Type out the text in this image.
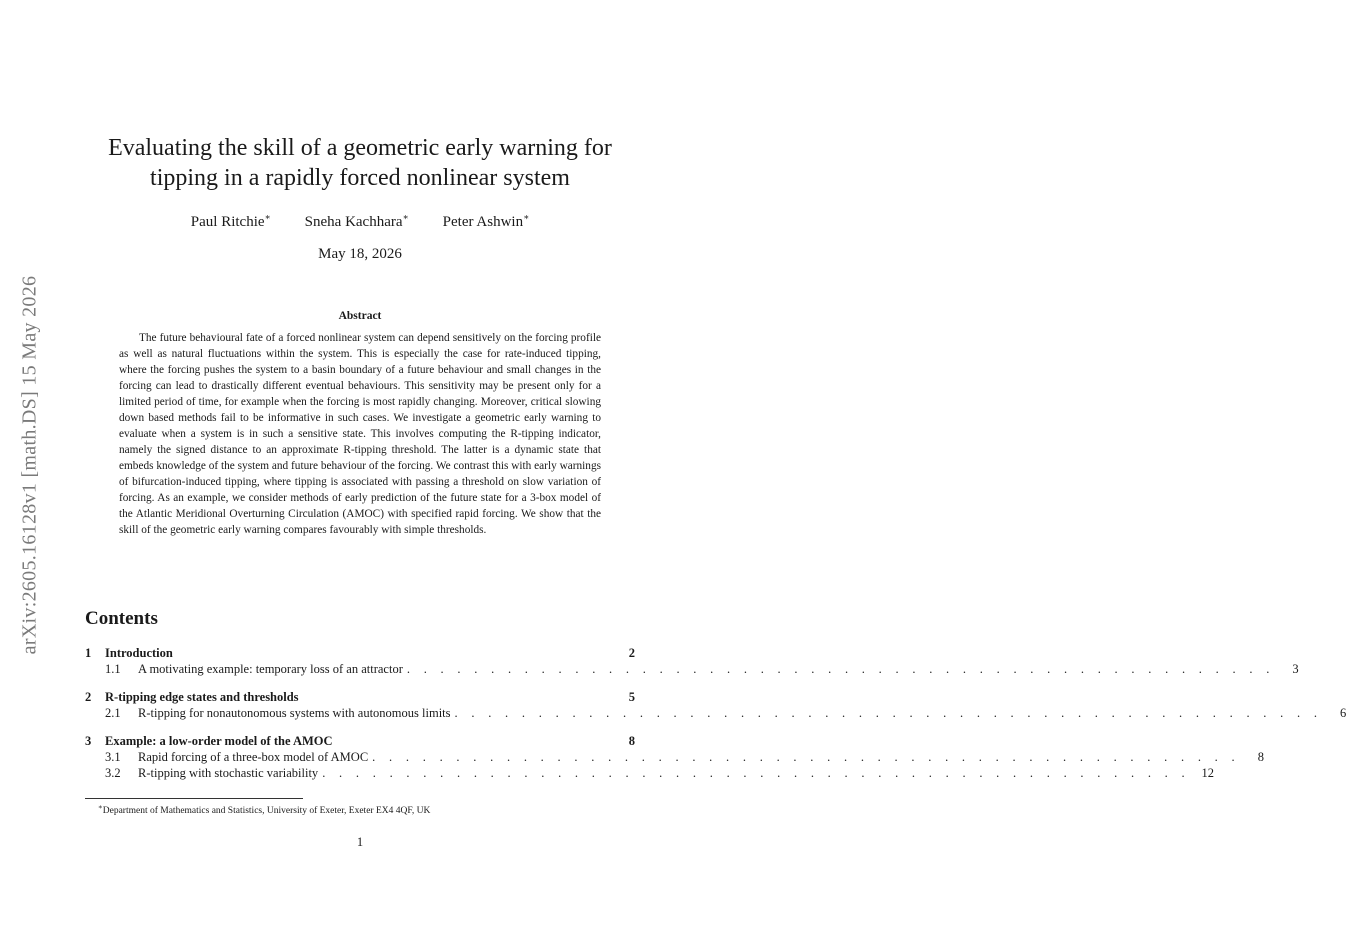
arXiv:2605.16128v1 [math.DS] 15 May 2026
Evaluating the skill of a geometric early warning for
tipping in a rapidly forced nonlinear system
Paul Ritchie∗ Sneha Kachhara∗ Peter Ashwin∗
May 18, 2026
Abstract

The future behavioural fate of a forced nonlinear system can depend sensitively on the forcing profile as well as natural fluctuations within the system. This is especially the case for rate-induced tipping, where the forcing pushes the system to a basin boundary of a future behaviour and small changes in the forcing can lead to drastically different eventual behaviours. This sensitivity may be present only for a limited period of time, for example when the forcing is most rapidly changing. Moreover, critical slowing down based methods fail to be informative in such cases. We investigate a geometric early warning to evaluate when a system is in such a sensitive state. This involves computing the R-tipping indicator, namely the signed distance to an approximate R-tipping threshold. The latter is a dynamic state that embeds knowledge of the system and future behaviour of the forcing. We contrast this with early warnings of bifurcation-induced tipping, where tipping is associated with passing a threshold on slow variation of forcing. As an example, we consider methods of early prediction of the future state for a 3-box model of the Atlantic Meridional Overturning Circulation (AMOC) with specified rapid forcing. We show that the skill of the geometric early warning compares favourably with simple thresholds.

Contents
1	Introduction	2
1.1	A motivating example: temporary loss of an attractor . . . . . . . . . . . . . . . . . . . . . . . . . . . . . . . . . . . . . . . . . . . . . . . . . . . .	3
2	R-tipping edge states and thresholds	5
2.1	R-tipping for nonautonomous systems with autonomous limits . . . . . . . . . . . . . . . . . . . . . . . . . . . . . . . . . . . . . . . . . . . . . . . . . . . .	6
3	Example: a low-order model of the AMOC	8
3.1	Rapid forcing of a three-box model of AMOC . . . . . . . . . . . . . . . . . . . . . . . . . . . . . . . . . . . . . . . . . . . . . . . . . . . .	8
3.2	R-tipping with stochastic variability . . . . . . . . . . . . . . . . . . . . . . . . . . . . . . . . . . . . . . . . . . . . . . . . . . . . 12
∗Department of Mathematics and Statistics, University of Exeter, Exeter EX4 4QF, UK
1
